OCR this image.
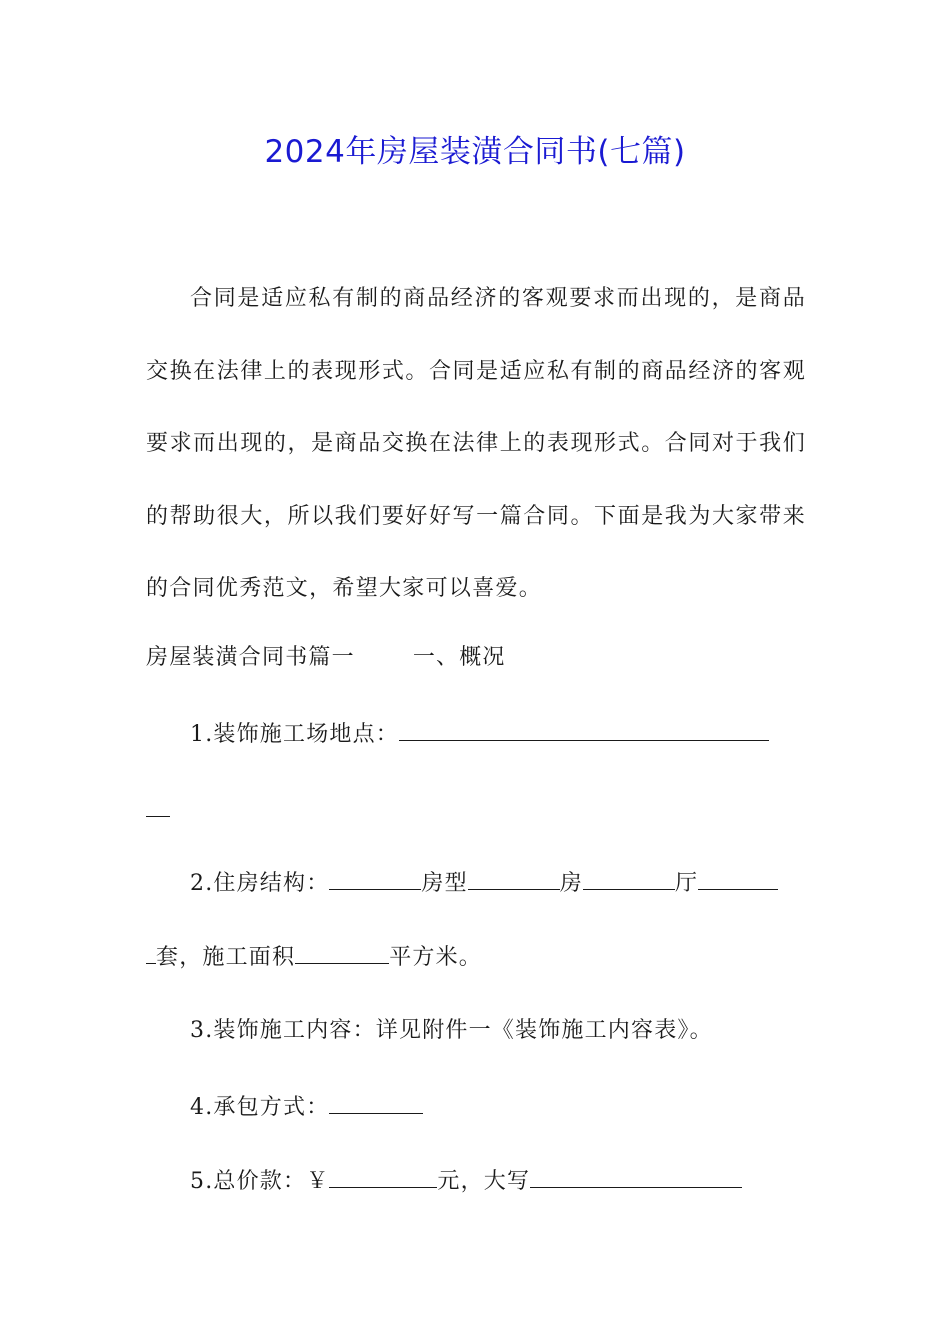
2024年房屋装潢合同书(七篇)

合同是适应私有制的商品经济的客观要求而出现的，是商品交换在法律上的表现形式。合同是适应私有制的商品经济的客观要求而出现的，是商品交换在法律上的表现形式。合同对于我们的帮助很大，所以我们要好好写一篇合同。下面是我为大家带来的合同优秀范文，希望大家可以喜爱。

房屋装潢合同书篇一	一、概况
1.装饰施工场地点：
2.住房结构：	房型	房	厅
套，施工面积	平方米。
3.装饰施工内容：详见附件一《装饰施工内容表》。
4.承包方式：
5.总价款：￥	元，大写
